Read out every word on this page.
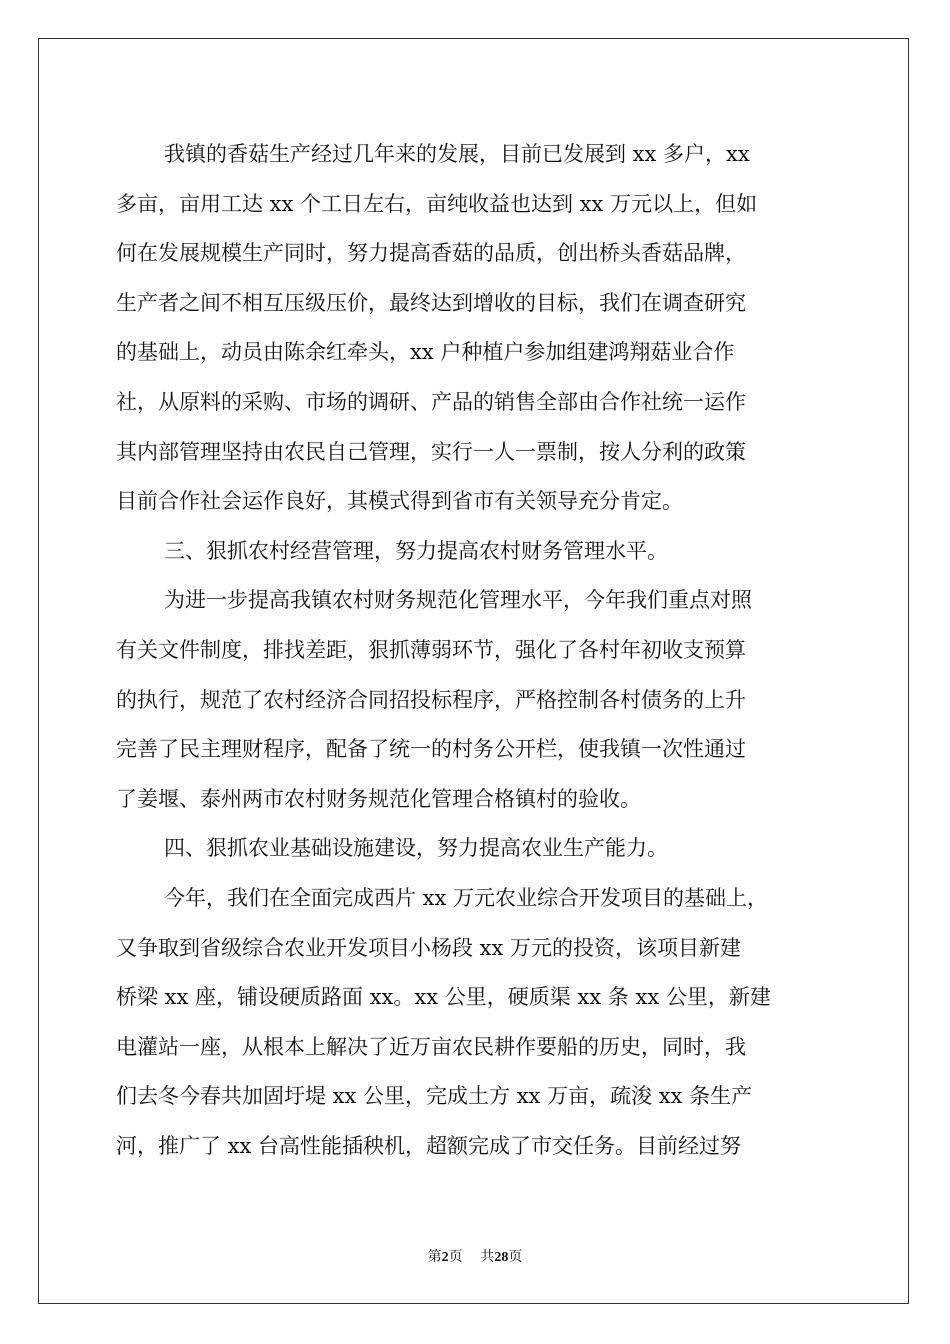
我镇的香菇生产经过几年来的发展，目前已发展到 xx 多户，xx
多亩，亩用工达 xx 个工日左右，亩纯收益也达到 xx 万元以上，但如
何在发展规模生产同时，努力提高香菇的品质，创出桥头香菇品牌，
生产者之间不相互压级压价，最终达到增收的目标，我们在调查研究
的基础上，动员由陈余红牵头，xx 户种植户参加组建鸿翔菇业合作
社，从原料的采购、市场的调研、产品的销售全部由合作社统一运作
其内部管理坚持由农民自己管理，实行一人一票制，按人分利的政策
目前合作社会运作良好，其模式得到省市有关领导充分肯定。
三、狠抓农村经营管理，努力提高农村财务管理水平。
为进一步提高我镇农村财务规范化管理水平，今年我们重点对照
有关文件制度，排找差距，狠抓薄弱环节，强化了各村年初收支预算
的执行，规范了农村经济合同招投标程序，严格控制各村债务的上升
完善了民主理财程序，配备了统一的村务公开栏，使我镇一次性通过
了姜堰、泰州两市农村财务规范化管理合格镇村的验收。
四、狠抓农业基础设施建设，努力提高农业生产能力。
今年，我们在全面完成西片 xx 万元农业综合开发项目的基础上，
又争取到省级综合农业开发项目小杨段 xx 万元的投资，该项目新建
桥梁 xx 座，铺设硬质路面 xx。xx 公里，硬质渠 xx 条 xx 公里，新建
电灌站一座，从根本上解决了近万亩农民耕作要船的历史，同时，我
们去冬今春共加固圩堤 xx 公里，完成土方 xx 万亩，疏浚 xx 条生产
河，推广了 xx 台高性能插秧机，超额完成了市交任务。目前经过努
第2页 共28页
